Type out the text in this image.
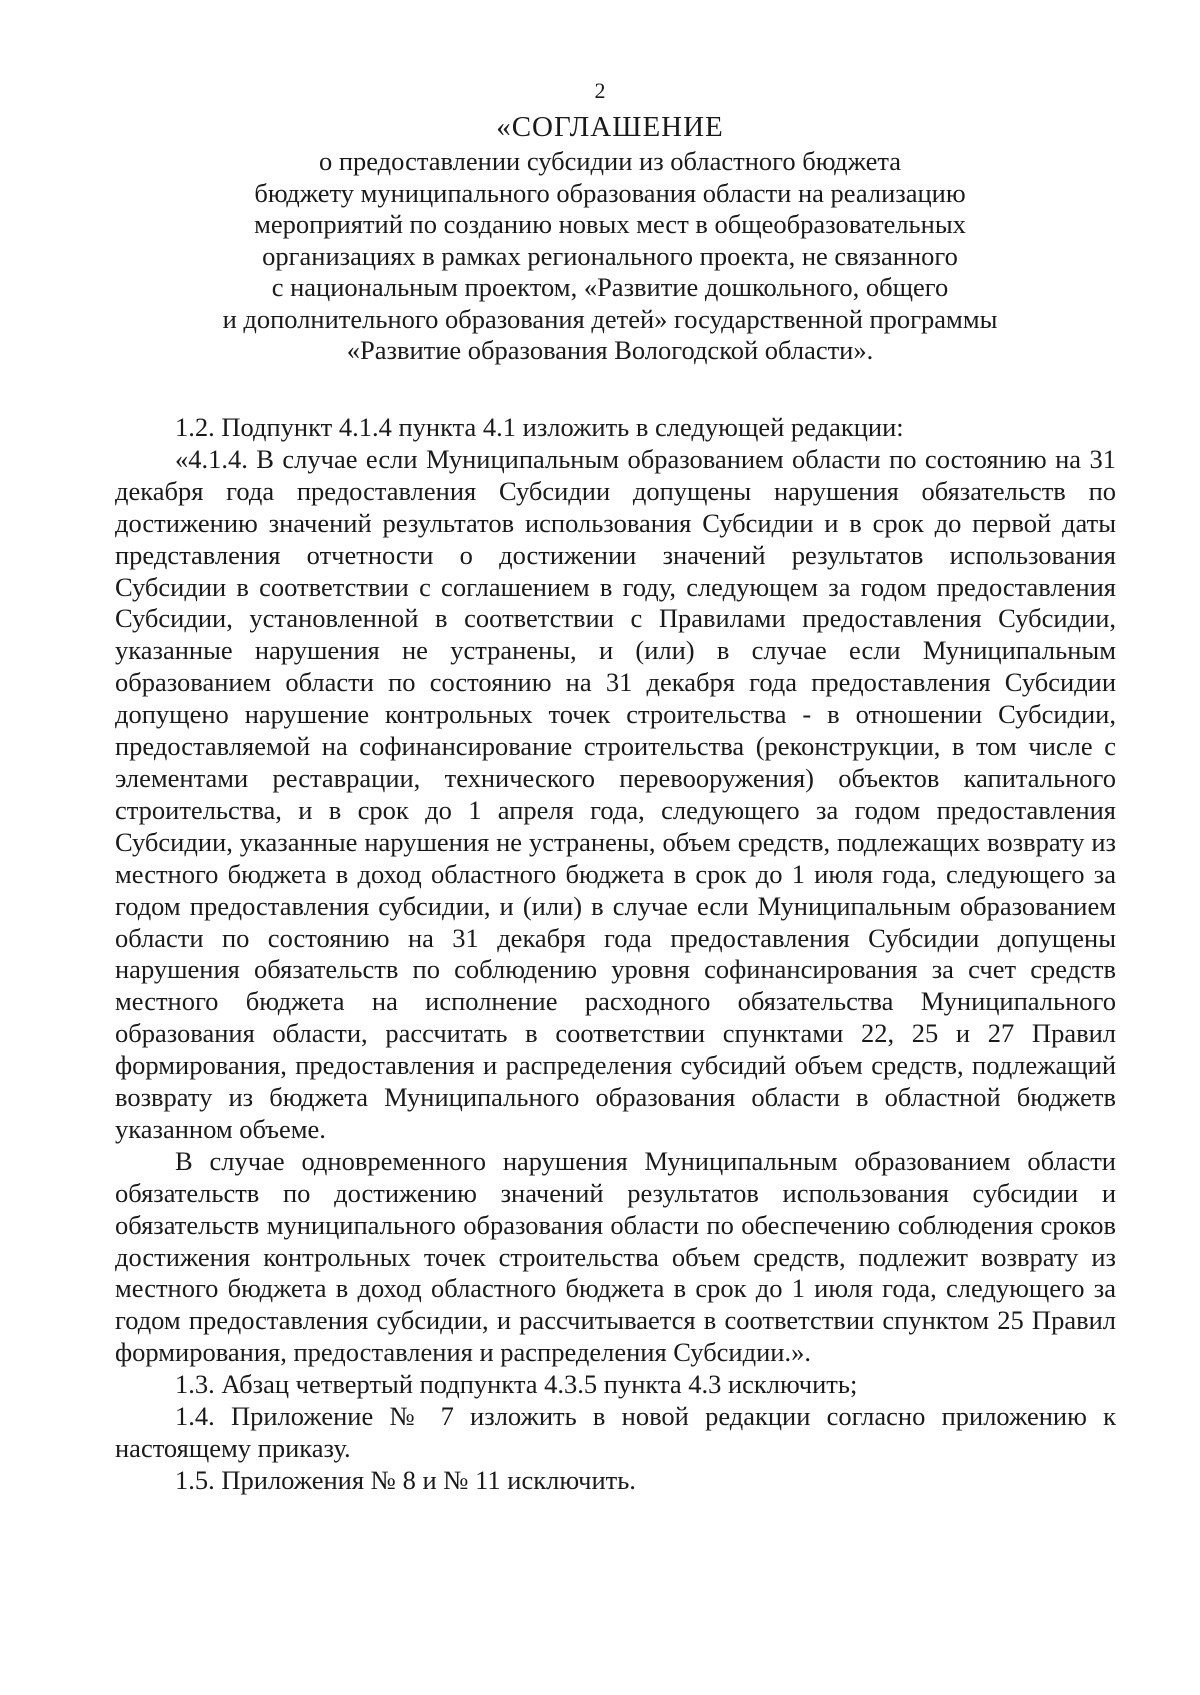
2
«СОГЛАШЕНИЕ
о предоставлении субсидии из областного бюджета
бюджету муниципального образования области на реализацию
мероприятий по созданию новых мест в общеобразовательных
организациях в рамках регионального проекта, не связанного
с национальным проектом, «Развитие дошкольного, общего
и дополнительного образования детей» государственной программы
«Развитие образования Вологодской области».

1.2. Подпункт 4.1.4 пункта 4.1 изложить в следующей редакции:

«4.1.4. В случае если Муниципальным образованием области по состоянию на 31 декабря года предоставления Субсидии допущены нарушения обязательств по достижению значений результатов использования Субсидии и в срок до первой даты представления отчетности о достижении значений результатов использования Субсидии в соответствии с соглашением в году, следующем за годом предоставления Субсидии, установленной в соответствии с Правилами предоставления Субсидии, указанные нарушения не устранены, и (или) в случае если Муниципальным образованием области по состоянию на 31 декабря года предоставления Субсидии допущено нарушение контрольных точек строительства - в отношении Субсидии, предоставляемой на софинансирование строительства (реконструкции, в том числе с элементами реставрации, технического перевооружения) объектов капитального строительства, и в срок до 1 апреля года, следующего за годом предоставления Субсидии, указанные нарушения не устранены, объем средств, подлежащих возврату из местного бюджета в доход областного бюджета в срок до 1 июля года, следующего за годом предоставления субсидии, и (или) в случае если Муниципальным образованием области по состоянию на 31 декабря года предоставления Субсидии допущены нарушения обязательств по соблюдению уровня софинансирования за счет средств местного бюджета на исполнение расходного обязательства Муниципального образования области, рассчитать в соответствии спунктами 22, 25 и 27 Правил формирования, предоставления и распределения субсидий объем средств, подлежащий возврату из бюджета Муниципального образования области в областной бюджетв указанном объеме.

В случае одновременного нарушения Муниципальным образованием области обязательств по достижению значений результатов использования субсидии и обязательств муниципального образования области по обеспечению соблюдения сроков достижения контрольных точек строительства объем средств, подлежит возврату из местного бюджета в доход областного бюджета в срок до 1 июля года, следующего за годом предоставления субсидии, и рассчитывается в соответствии спунктом 25 Правил формирования, предоставления и распределения Субсидии.».

1.3. Абзац четвертый подпункта 4.3.5 пункта 4.3 исключить;

1.4. Приложение № 7 изложить в новой редакции согласно приложению к настоящему приказу.

1.5. Приложения № 8 и № 11 исключить.
